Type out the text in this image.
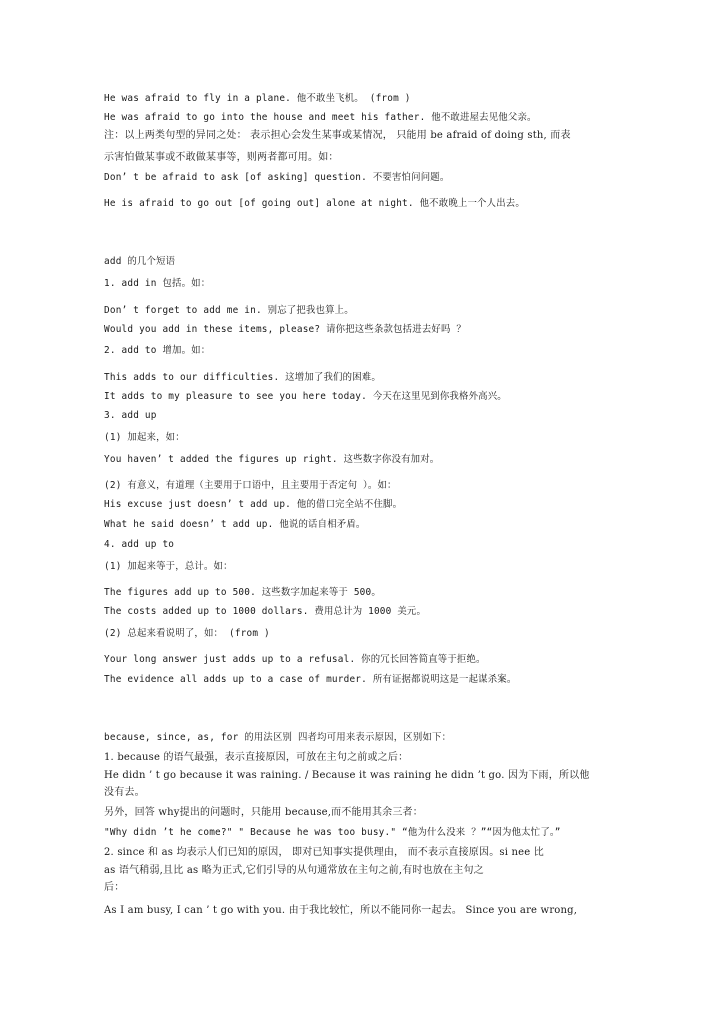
He was afraid to fly in a plane. 他不敢坐飞机。 (from )
He was afraid to go into the house and meet his father. 他不敢进屋去见他父亲。
注：以上两类句型的异同之处： 表示担心会发生某事或某情况， 只能用 be afraid of doing sth, 而表
示害怕做某事或不敢做某事等，则两者都可用。如：
Don’ t be afraid to ask [of asking] question. 不要害怕问问题。
He is afraid to go out [of going out] alone at night. 他不敢晚上一个人出去。
add 的几个短语
1. add in 包括。如：
Don’ t forget to add me in. 别忘了把我也算上。
Would you add in these items, please? 请你把这些条款包括进去好吗 ？
2. add to 增加。如：
This adds to our difficulties. 这增加了我们的困难。
It adds to my pleasure to see you here today. 今天在这里见到你我格外高兴。
3. add up
(1) 加起来，如：
You haven’ t added the figures up right. 这些数字你没有加对。
(2) 有意义，有道理（主要用于口语中，且主要用于否定句 ）。如：
His excuse just doesn’ t add up. 他的借口完全站不住脚。
What he said doesn’ t add up. 他说的话自相矛盾。
4. add up to
(1) 加起来等于，总计。如：
The figures add up to 500. 这些数字加起来等于 500。
The costs added up to 1000 dollars. 费用总计为 1000 美元。
(2) 总起来看说明了，如： (from )
Your long answer just adds up to a refusal. 你的冗长回答简直等于拒绝。
The evidence all adds up to a case of murder. 所有证据都说明这是一起谋杀案。
because, since, as, for 的用法区别 四者均可用来表示原因，区别如下：
1. because 的语气最强，表示直接原因，可放在主句之前或之后：
He didn ’ t go because it was raining. / Because it was raining he didn ’t go. 因为下雨，所以他
没有去。
另外，回答 why提出的问题时，只能用 because,而不能用其余三者：
"Why didn ’t he come?" " Because he was too busy." “他为什么没来 ？”“因为他太忙了。”
2. since 和 as 均表示人们已知的原因， 即对已知事实提供理由， 而不表示直接原因。si nee 比
as 语气稍弱,且比 as 略为正式,它们引导的从句通常放在主句之前,有时也放在主句之
后：
As I am busy, I can ’ t go with you. 由于我比较忙，所以不能同你一起去。 Since you are wrong,
